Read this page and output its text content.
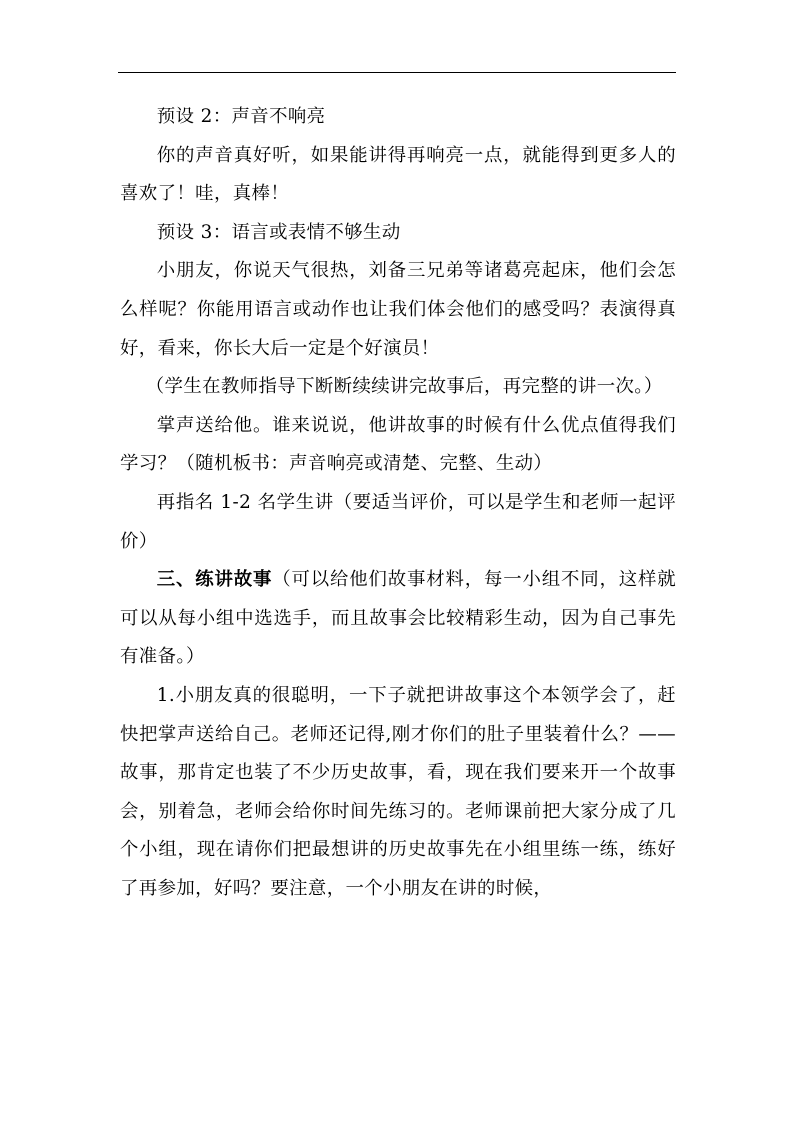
预设 2：声音不响亮

你的声音真好听，如果能讲得再响亮一点，就能得到更多人的喜欢了！哇，真棒！

预设 3：语言或表情不够生动

小朋友，你说天气很热，刘备三兄弟等诸葛亮起床，他们会怎么样呢？你能用语言或动作也让我们体会他们的感受吗？表演得真好，看来，你长大后一定是个好演员！

（学生在教师指导下断断续续讲完故事后，再完整的讲一次。）

掌声送给他。谁来说说，他讲故事的时候有什么优点值得我们学习？（随机板书：声音响亮或清楚、完整、生动）

再指名 1-2 名学生讲（要适当评价，可以是学生和老师一起评价）

三、练讲故事（可以给他们故事材料，每一小组不同，这样就可以从每小组中选选手，而且故事会比较精彩生动，因为自己事先有准备。）

1.小朋友真的很聪明，一下子就把讲故事这个本领学会了，赶快把掌声送给自己。老师还记得,刚才你们的肚子里装着什么？——故事，那肯定也装了不少历史故事，看，现在我们要来开一个故事会，别着急，老师会给你时间先练习的。老师课前把大家分成了几个小组，现在请你们把最想讲的历史故事先在小组里练一练，练好了再参加，好吗？要注意，一个小朋友在讲的时候，
